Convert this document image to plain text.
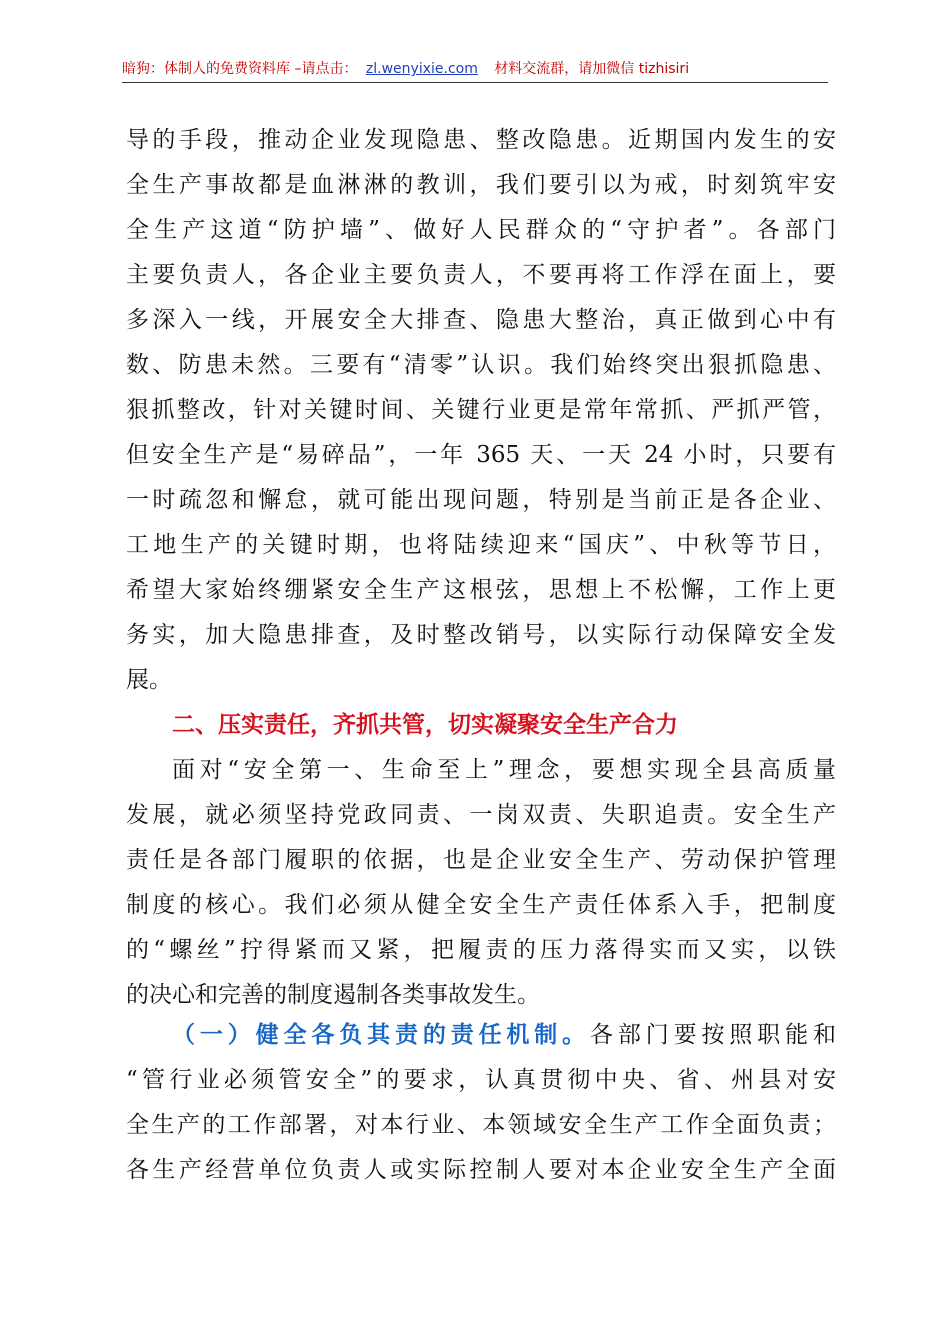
暗狗：体制人的免费资料库 –请点击： zl.wenyixie.com 材料交流群，请加微信 tizhisiri
导的手段，推动企业发现隐患、整改隐患。近期国内发生的安
全生产事故都是血淋淋的教训，我们要引以为戒，时刻筑牢安
全生产这道“防护墙”、做好人民群众的“守护者”。各部门
主要负责人，各企业主要负责人，不要再将工作浮在面上，要
多深入一线，开展安全大排查、隐患大整治，真正做到心中有
数、防患未然。三要有“清零”认识。我们始终突出狠抓隐患、
狠抓整改，针对关键时间、关键行业更是常年常抓、严抓严管，
但安全生产是“易碎品”，一年 365 天、一天 24 小时，只要有
一时疏忽和懈怠，就可能出现问题，特别是当前正是各企业、
工地生产的关键时期，也将陆续迎来“国庆”、中秋等节日，
希望大家始终绷紧安全生产这根弦，思想上不松懈，工作上更
务实，加大隐患排查，及时整改销号，以实际行动保障安全发
展。
二、压实责任，齐抓共管，切实凝聚安全生产合力
面对“安全第一、生命至上”理念，要想实现全县高质量
发展，就必须坚持党政同责、一岗双责、失职追责。安全生产
责任是各部门履职的依据，也是企业安全生产、劳动保护管理
制度的核心。我们必须从健全安全生产责任体系入手，把制度
的“螺丝”拧得紧而又紧，把履责的压力落得实而又实，以铁
的决心和完善的制度遏制各类事故发生。
（一）健全各负其责的责任机制。各部门要按照职能和
“管行业必须管安全”的要求，认真贯彻中央、省、州县对安
全生产的工作部署，对本行业、本领域安全生产工作全面负责；
各生产经营单位负责人或实际控制人要对本企业安全生产全面
